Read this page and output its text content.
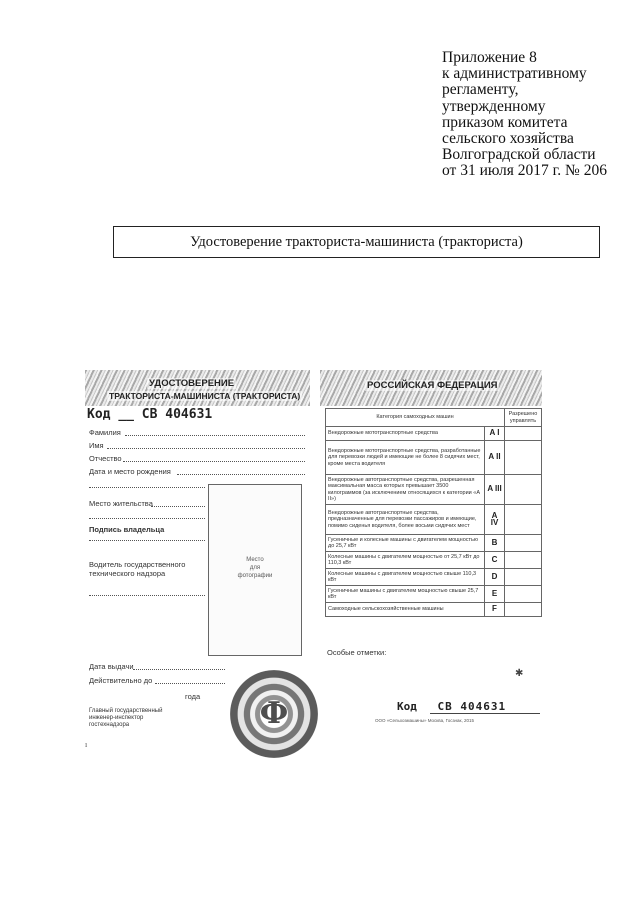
Приложение 8
к административному
регламенту,
утвержденному
приказом комитета
сельского хозяйства
Волгоградской области
от 31 июля 2017 г. № 206
Удостоверение тракториста-машиниста (тракториста)
УДОСТОВЕРЕНИЕ
ТРАКТОРИСТА-МАШИНИСТА (ТРАКТОРИСТА)
РОССИЙСКАЯ ФЕДЕРАЦИЯ
Код __ СВ 404631
Фамилия
Имя
Отчество
Дата и место рождения
Место жительства
Подпись владельца
Водитель государственного технического надзора
Дата выдачи
Действительно до
года
Главный государственный
инженер-инспектор
гостехнадзора
Место
для
фотографии
Ф
Категория самоходных машин		Разрешено управлять
Внедорожные мототранспортные средства	A I	
Внедорожные мототранспортные средства, разработанные для перевозки людей и имеющие не более 8 сидячих мест, кроме места водителя	A II	
Внедорожные автотранспортные средства, разрешенная максимальная масса которых превышает 3500 килограммов (за исключением относящихся к категории «A II»)	A III	
Внедорожные автотранспортные средства, предназначенные для перевозки пассажиров и имеющие, помимо сиденья водителя, более восьми сидячих мест	A IV	
Гусеничные и колесные машины с двигателем мощностью до 25,7 кВт	B	
Колесные машины с двигателем мощностью от 25,7 кВт до 110,3 кВт	C	
Колесные машины с двигателем мощностью свыше 110,3 кВт	D	
Гусеничные машины с двигателем мощностью свыше 25,7 кВт	E	
Самоходные сельскохозяйственные машины	F	
Особые отметки:
✱
Код СВ 404631
ООО «Сельхозмашины» Москва, Госзнак, 2015
ı
